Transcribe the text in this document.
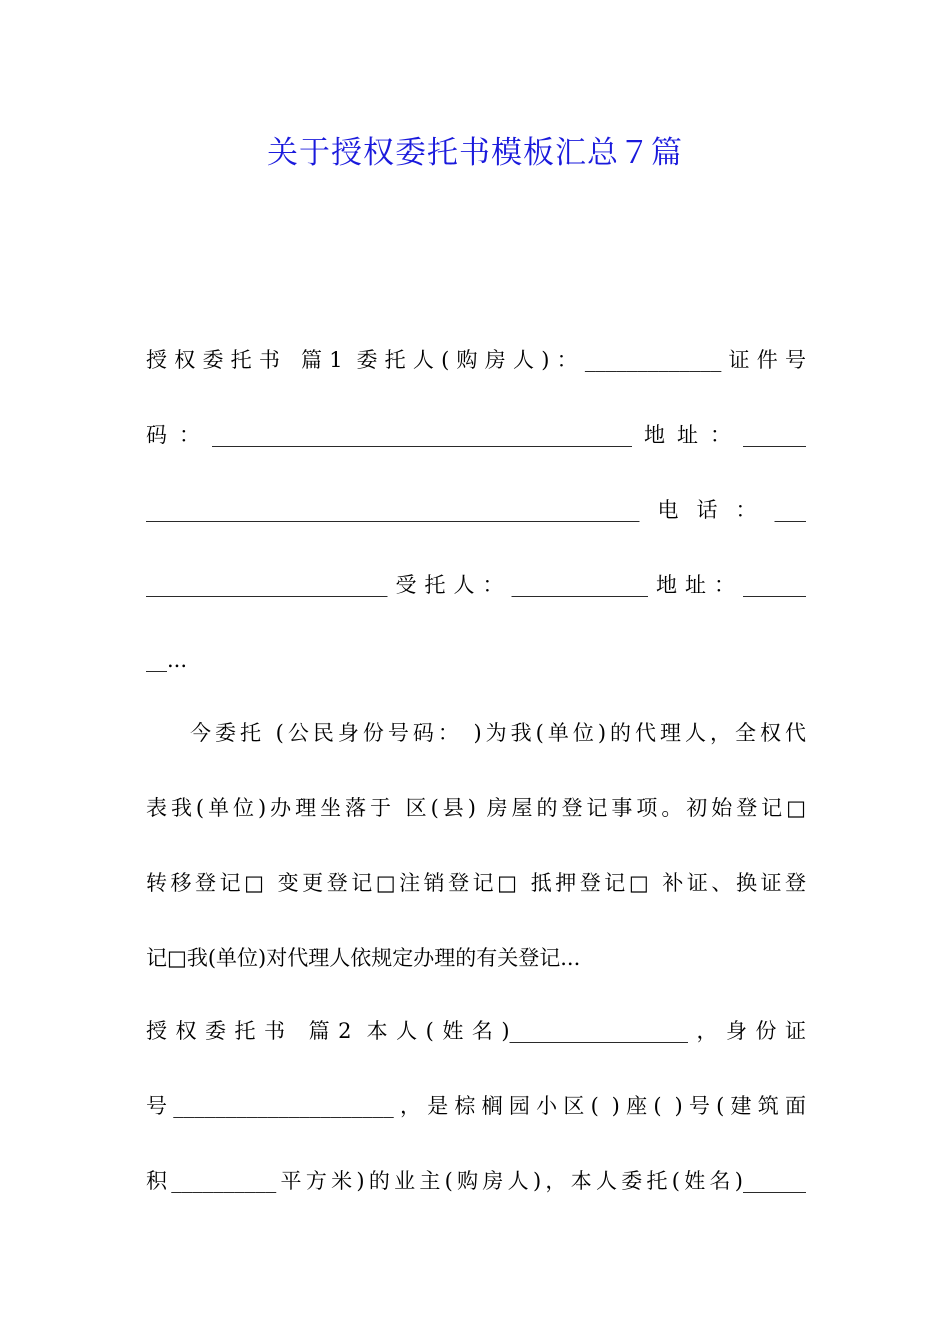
关于授权委托书模板汇总７篇
授权委托书 篇1 委托人(购房人)：_____________证件号
码：________________________________________地址：______
_______________________________________________电话：___
_______________________受托人：_____________地址：______
__...
今委托 (公民身份号码： )为我(单位)的代理人，全权代
表我(单位)办理坐落于 区(县) 房屋的登记事项。初始登记□
转移登记□ 变更登记□注销登记□ 抵押登记□ 补证、换证登
记□我(单位)对代理人依规定办理的有关登记...
授权委托书 篇2 本人(姓名)_________________，身份证
号_____________________，是棕榈园小区( )座( )号(建筑面
积__________平方米)的业主(购房人)，本人委托(姓名)______
